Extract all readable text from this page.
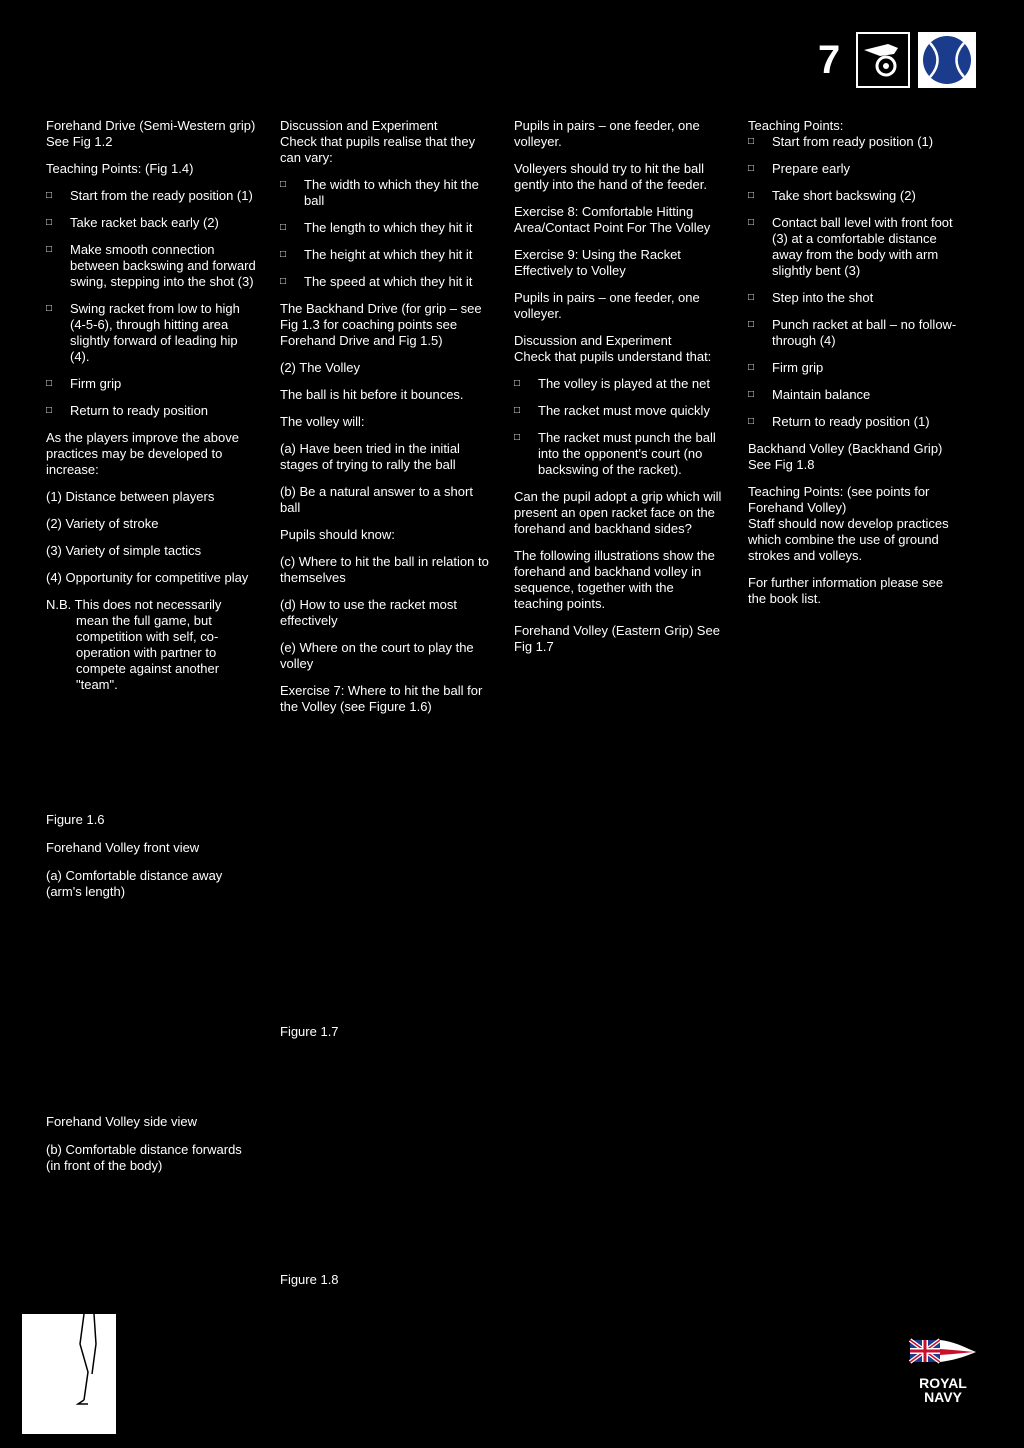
7

Forehand Drive (Semi-Western grip) See Fig 1.2

Teaching Points: (Fig 1.4)

□ Start from the ready position (1)
□ Take racket back early (2)
□ Make smooth connection between backswing and forward swing, stepping into the shot (3)
□ Swing racket from low to high (4-5-6), through hitting area slightly forward of leading hip (4).
□ Firm grip
□ Return to ready position

As the players improve the above practices may be developed to increase:

(1) Distance between players
(2) Variety of stroke
(3) Variety of simple tactics
(4) Opportunity for competitive play

N.B. This does not necessarily mean the full game, but competition with self, co-operation with partner to compete against another "team".

Figure 1.6

Forehand Volley front view

(a) Comfortable distance away (arm's length)

Forehand Volley side view

(b) Comfortable distance forwards (in front of the body)

Discussion and Experiment

Check that pupils realise that they can vary:

□ The width to which they hit the ball
□ The length to which they hit it
□ The height at which they hit it
□ The speed at which they hit it

The Backhand Drive (for grip – see Fig 1.3 for coaching points see Forehand Drive and Fig 1.5)

(2) The Volley

The ball is hit before it bounces.

The volley will:

(a) Have been tried in the initial stages of trying to rally the ball

(b) Be a natural answer to a short ball

Pupils should know:

(c) Where to hit the ball in relation to themselves

(d) How to use the racket most effectively

(e) Where on the court to play the volley

Exercise 7: Where to hit the ball for the Volley (see Figure 1.6)

Figure 1.7

Figure 1.8

Pupils in pairs – one feeder, one volleyer.

Volleyers should try to hit the ball gently into the hand of the feeder.

Exercise 8: Comfortable Hitting Area/Contact Point For The Volley

Exercise 9: Using the Racket Effectively to Volley

Pupils in pairs – one feeder, one volleyer.

Discussion and Experiment

Check that pupils understand that:

□ The volley is played at the net
□ The racket must move quickly
□ The racket must punch the ball into the opponent's court (no backswing of the racket).

Can the pupil adopt a grip which will present an open racket face on the forehand and backhand sides?

The following illustrations show the forehand and backhand volley in sequence, together with the teaching points.

Forehand Volley (Eastern Grip) See Fig 1.7

Teaching Points:

□ Start from ready position (1)
□ Prepare early
□ Take short backswing (2)
□ Contact ball level with front foot (3) at a comfortable distance away from the body with arm slightly bent (3)
□ Step into the shot
□ Punch racket at ball – no follow-through (4)
□ Firm grip
□ Maintain balance
□ Return to ready position (1)

Backhand Volley (Backhand Grip) See Fig 1.8

Teaching Points: (see points for Forehand Volley)

Staff should now develop practices which combine the use of ground strokes and volleys.

For further information please see the book list.

ROYAL NAVY
